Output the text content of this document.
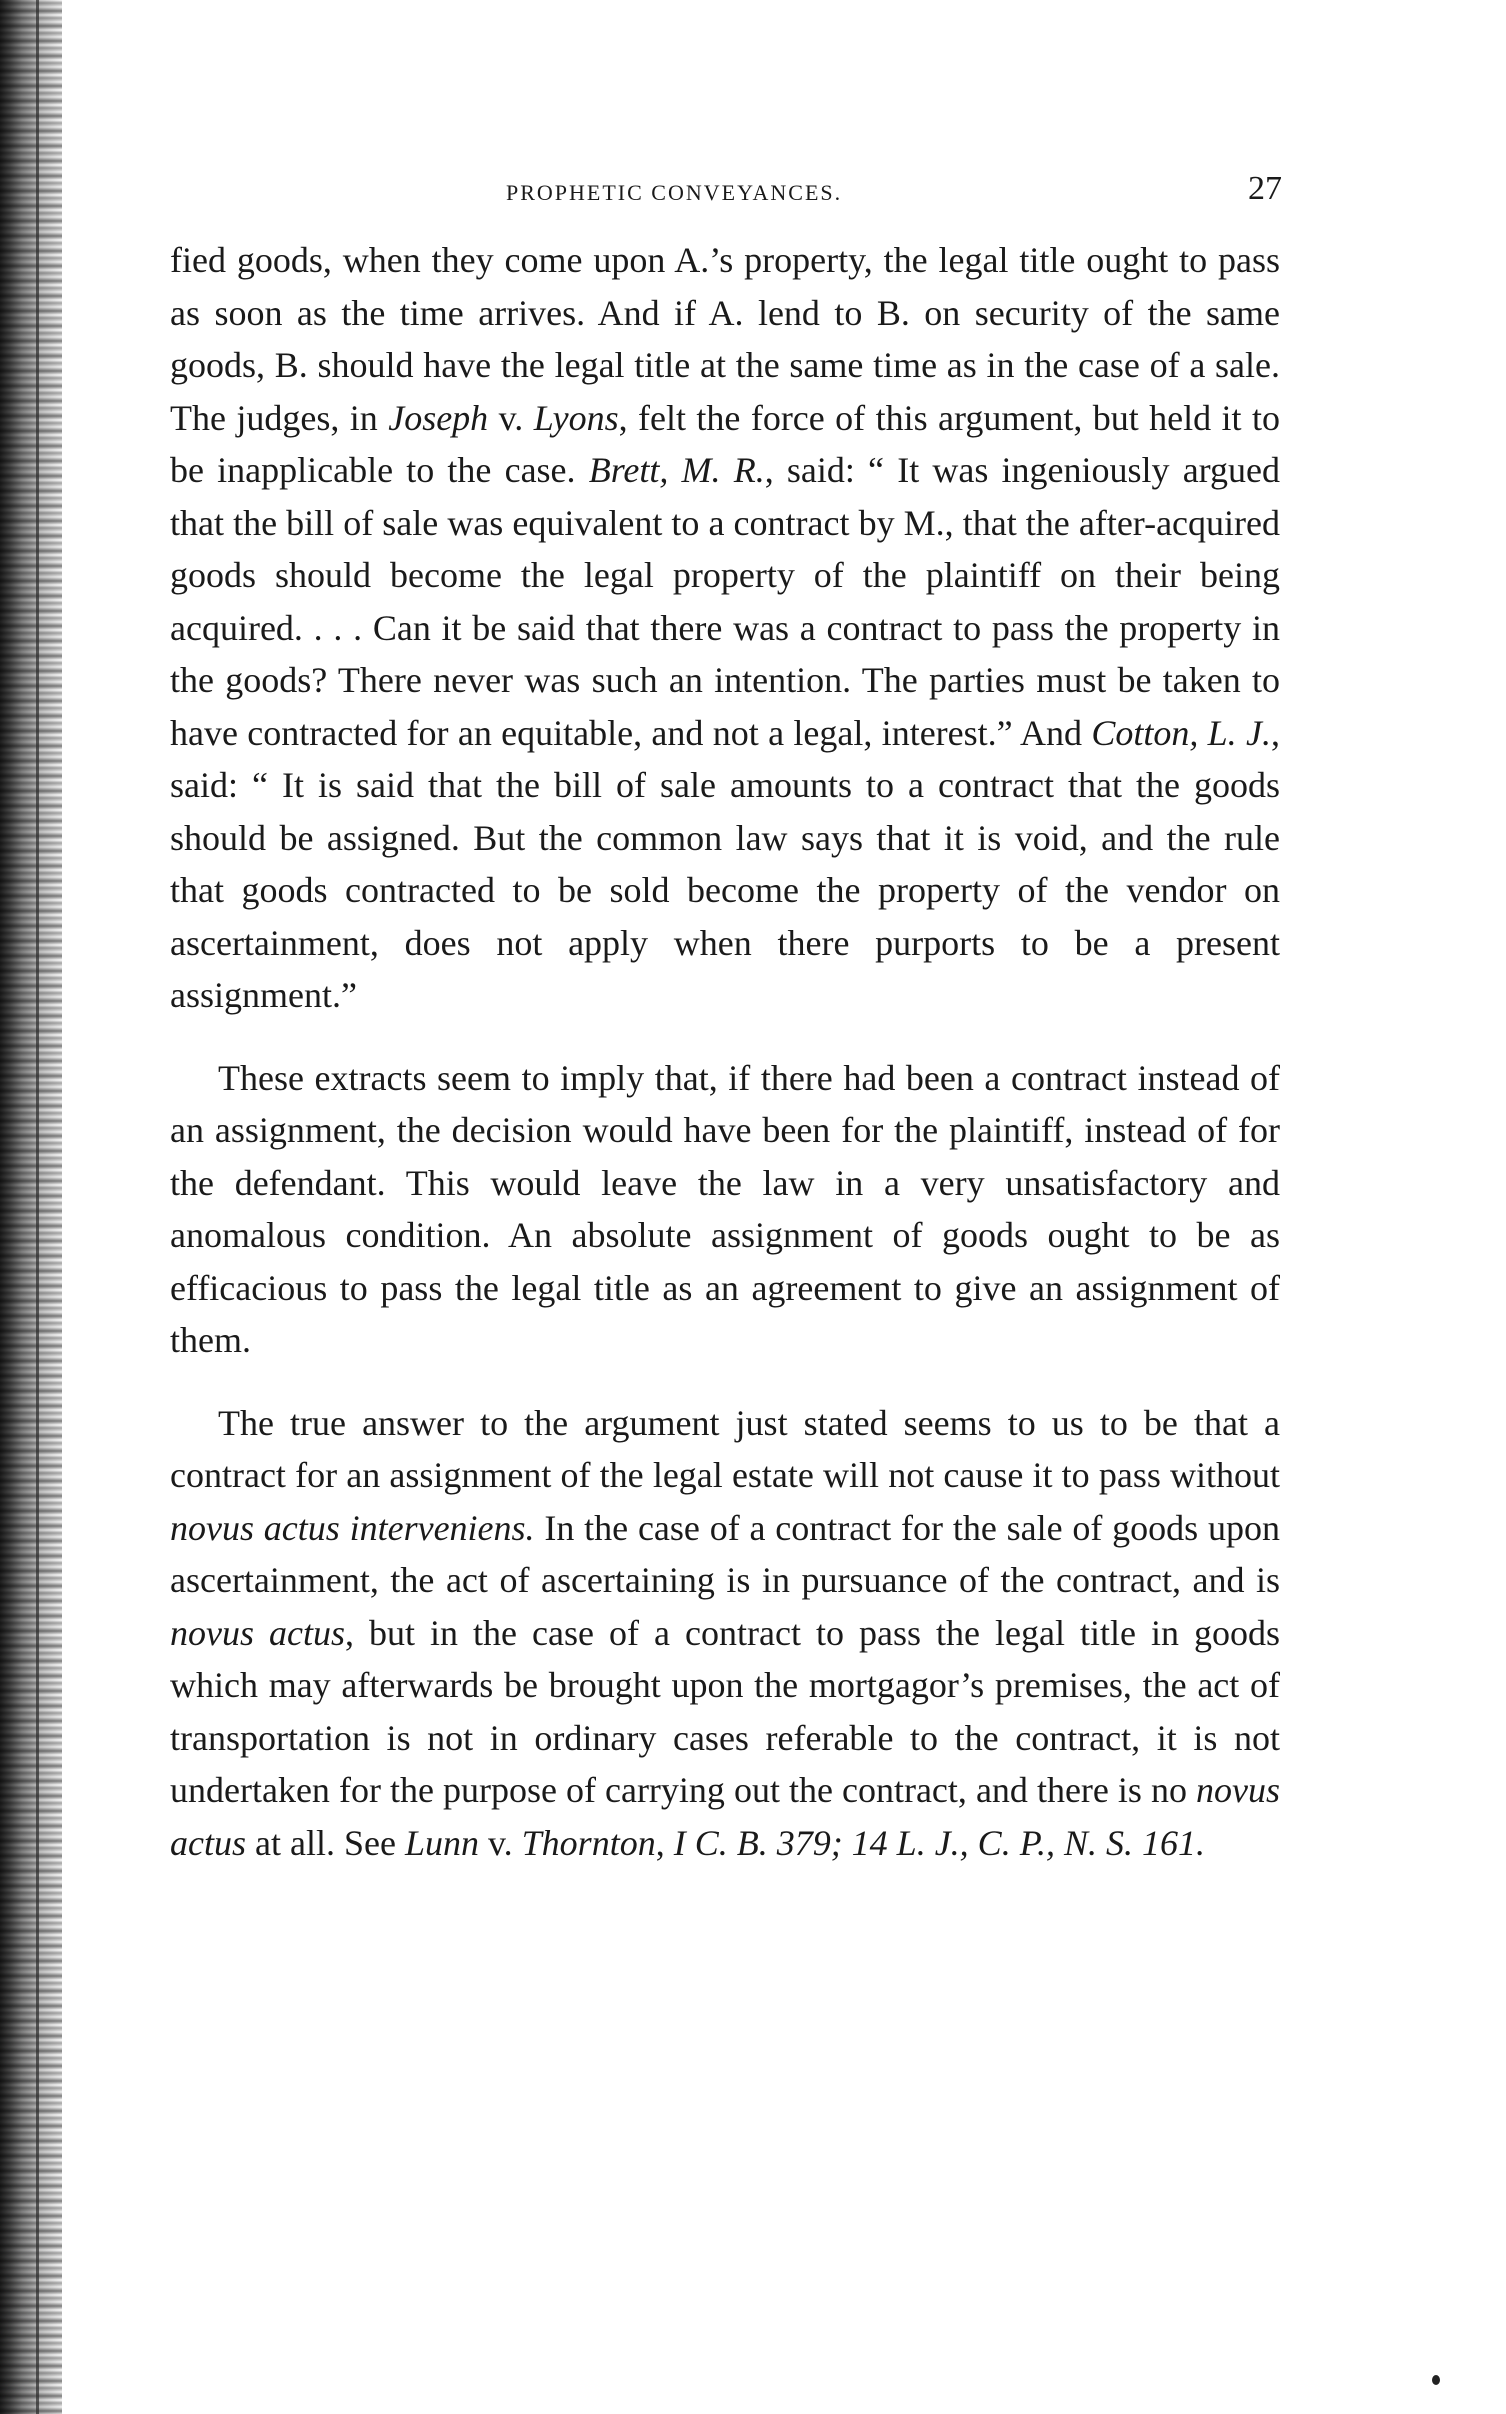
PROPHETIC CONVEYANCES.	27

fied goods, when they come upon A.’s property, the legal title ought to pass as soon as the time arrives. And if A. lend to B. on security of the same goods, B. should have the legal title at the same time as in the case of a sale. The judges, in Joseph v. Lyons, felt the force of this argument, but held it to be inapplicable to the case. Brett, M. R., said: “ It was ingeniously argued that the bill of sale was equivalent to a contract by M., that the after-acquired goods should become the legal property of the plaintiff on their being acquired. . . . Can it be said that there was a contract to pass the property in the goods? There never was such an intention. The parties must be taken to have contracted for an equitable, and not a legal, interest.” And Cotton, L. J., said: “ It is said that the bill of sale amounts to a contract that the goods should be assigned. But the common law says that it is void, and the rule that goods contracted to be sold become the property of the vendor on ascertainment, does not apply when there purports to be a present assignment.”

These extracts seem to imply that, if there had been a contract instead of an assignment, the decision would have been for the plaintiff, instead of for the defendant. This would leave the law in a very unsatisfactory and anomalous condition. An absolute assignment of goods ought to be as efficacious to pass the legal title as an agreement to give an assignment of them.

The true answer to the argument just stated seems to us to be that a contract for an assignment of the legal estate will not cause it to pass without novus actus interveniens. In the case of a contract for the sale of goods upon ascertainment, the act of ascertaining is in pursuance of the contract, and is novus actus, but in the case of a contract to pass the legal title in goods which may afterwards be brought upon the mortgagor’s premises, the act of transportation is not in ordinary cases referable to the contract, it is not undertaken for the purpose of carrying out the contract, and there is no novus actus at all. See Lunn v. Thornton, I C. B. 379; 14 L. J., C. P., N. S. 161.
